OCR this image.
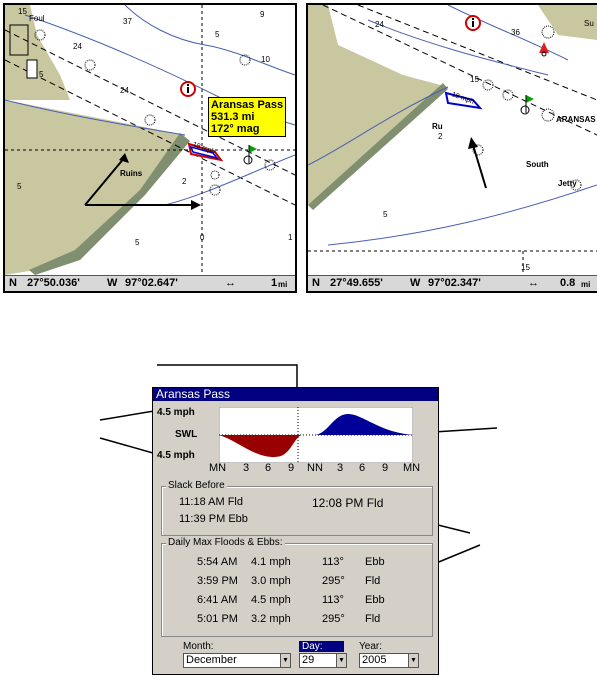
15
Foul	37
9
5
24
10
5
24
5
2
5
1
0
Ruins
Aransas Pass
531.3 mi
172° mag
18 mph
N 27°50.036' W 97°02.647'	↔	1 mi
24
36
Su
15
2
5
15
ARANSAS
Ru
South
Jetty
18 mph
N 27°49.655' W 97°02.347'	↔ 0.8 mi
Aransas Pass
4.5 mph
SWL
4.5 mph
MN 3 6 9 NN 3 6 9 MN
Slack Before
11:18 AM Fld
11:39 PM Ebb
12:08 PM Fld
Daily Max Floods & Ebbs:
5:54 AM 4.1 mph	113° Ebb
3:59 PM 3.0 mph	295° Fld
6:41 AM 4.5 mph	113° Ebb
5:01 PM 3.2 mph	295° Fld
Month:
December	▼
Day:
29	▼
Year:
2005	▼
